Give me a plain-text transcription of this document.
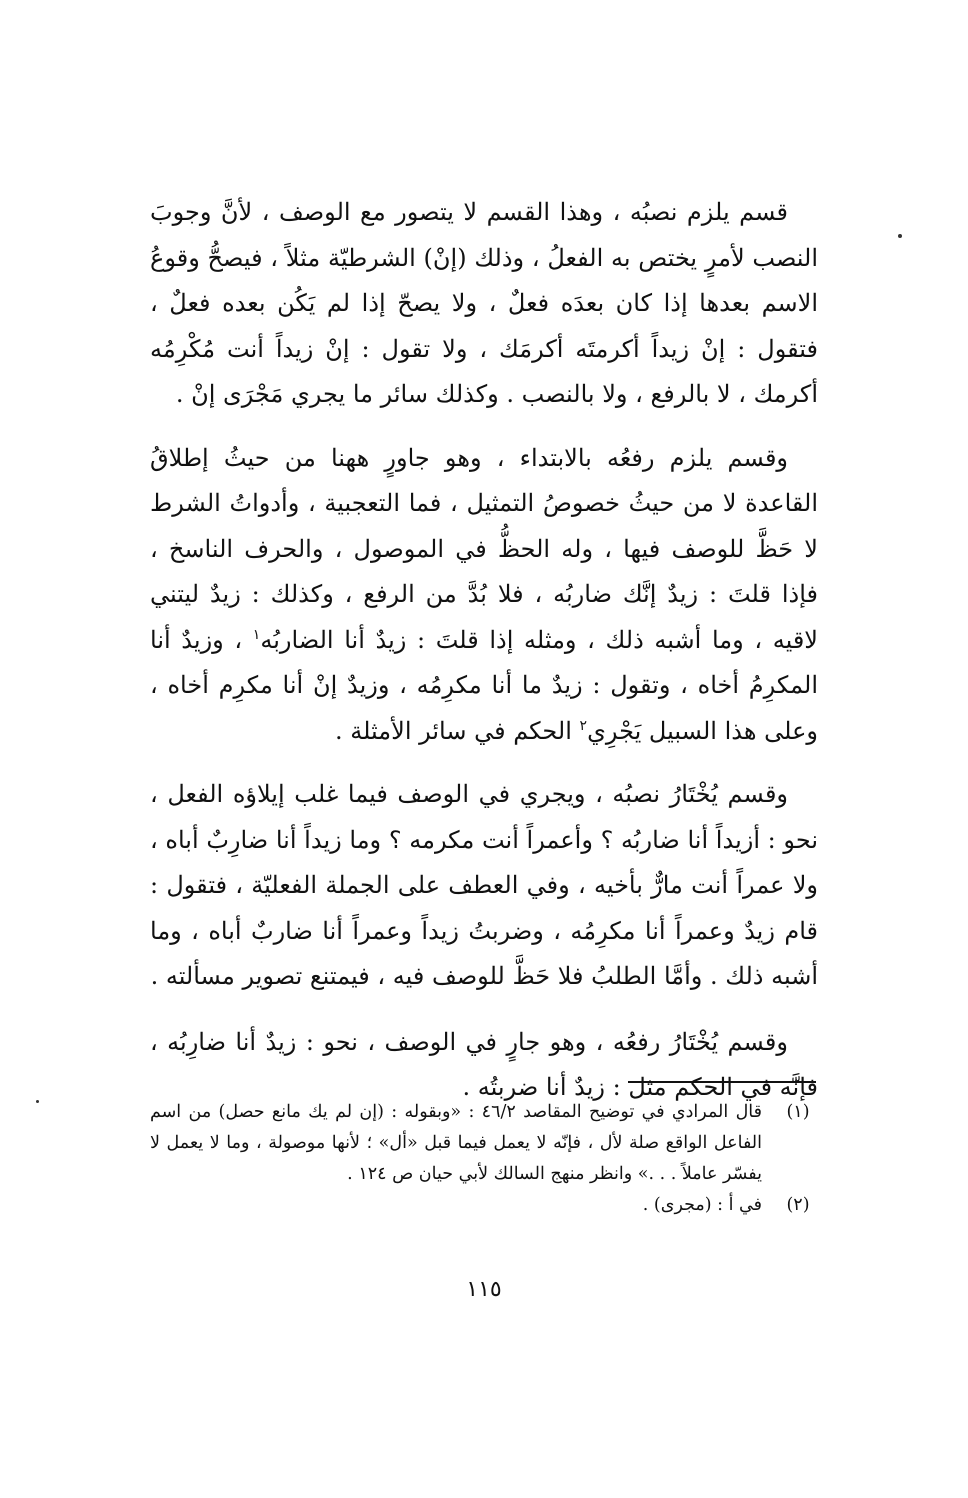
قسم يلزم نصبُه ، وهذا القسم لا يتصور مع الوصف ، لأنَّ وجوبَ النصب لأمرٍ يختص به الفعلُ ، وذلك (إنْ) الشرطيّة مثلاً ، فيصحُّ وقوعُ الاسم بعدها إذا كان بعدَه فعلٌ ، ولا يصحّ إذا لم يَكُن بعده فعلٌ ، فتقول : إنْ زيداً أكرمتَه أكرمَك ، ولا تقول : إنْ زيداً أنت مُكْرِمُه أكرمك ، لا بالرفع ، ولا بالنصب . وكذلك سائر ما يجري مَجْرَى إنْ .

وقسم يلزم رفعُه بالابتداء ، وهو جاورٍ ههنا من حيثُ إطلاقُ القاعدة لا من حيثُ خصوصُ التمثيل ، فما التعجبية ، وأدواتُ الشرط لا حَظَّ للوصف فيها ، وله الحظُّ في الموصول ، والحرف الناسخ ، فإذا قلتَ : زيدٌ إنَّك ضاربُه ، فلا بُدَّ من الرفع ، وكذلك : زيدٌ ليتني لاقيه ، وما أشبه ذلك ، ومثله إذا قلتَ : زيدٌ أنا الضاربُه$^١$ ، وزيدٌ أنا المكرِمُ أخاه ، وتقول : زيدٌ ما أنا مكرِمُه ، وزيدٌ إنْ أنا مكرِم أخاه ، وعلى هذا السبيل يَجْرِي$^٢$ الحكم في سائر الأمثلة .

وقسم يُخْتَارُ نصبُه ، ويجري في الوصف فيما غلب إيلاؤه الفعل ، نحو : أزيداً أنا ضاربُه ؟ وأعمراً أنت مكرمه ؟ وما زيداً أنا ضارِبٌ أباه ، ولا عمراً أنت مارٌّ بأخيه ، وفي العطف على الجملة الفعليّة ، فتقول : قام زيدٌ وعمراً أنا مكرِمُه ، وضربتُ زيداً وعمراً أنا ضاربٌ أباه ، وما أشبه ذلك . وأمَّا الطلبُ فلا حَظَّ للوصف فيه ، فيمتنع تصوير مسألته .

وقسم يُخْتَارُ رفعُه ، وهو جارٍ في الوصف ، نحو : زيدٌ أنا ضارِبُه ، فإنَّه في الحكم مثل : زيدٌ أنا ضربتُه .

(١)
قال المرادي في توضيح المقاصد ٤٦/٢ : «وبقوله : (إن لم يك مانع حصل) من اسم الفاعل الواقع صلة لأل ، فإنّه لا يعمل فيما قبل «أل» ؛ لأنها موصولة ، وما لا يعمل لا يفسّر عاملاً . . .» وانظر منهج السالك لأبي حيان ص ١٢٤ .

(٢)
في أ : (مجرى) .

١١٥
